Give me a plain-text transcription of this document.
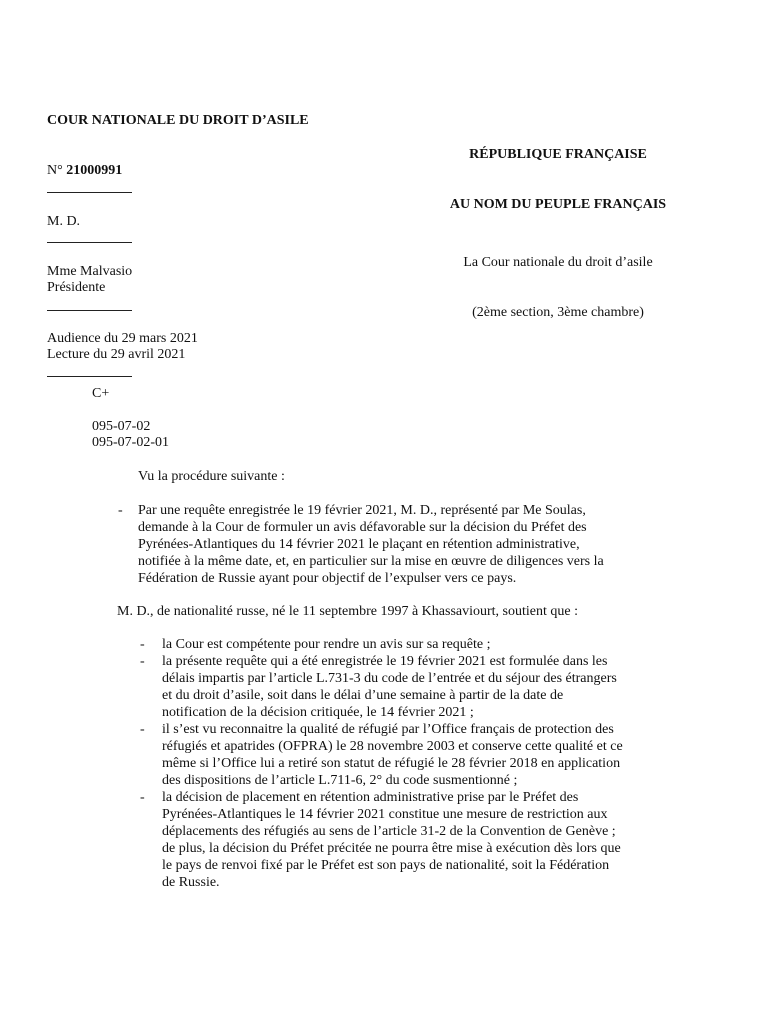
COUR NATIONALE DU DROIT D’ASILE
N° 21000991
M. D.
Mme Malvasio
Présidente
Audience du 29 mars 2021
Lecture du 29 avril 2021
C+
095-07-02
095-07-02-01
RÉPUBLIQUE FRANÇAISE
AU NOM DU PEUPLE FRANÇAIS
La Cour nationale du droit d’asile
(2ème section, 3ème chambre)
Vu la procédure suivante :
- Par une requête enregistrée le 19 février 2021, M. D., représenté par Me Soulas,
demande à la Cour de formuler un avis défavorable sur la décision du Préfet des
Pyrénées-Atlantiques du 14 février 2021 le plaçant en rétention administrative,
notifiée à la même date, et, en particulier sur la mise en œuvre de diligences vers la
Fédération de Russie ayant pour objectif de l’expulser vers ce pays.
M. D., de nationalité russe, né le 11 septembre 1997 à Khassaviourt, soutient que :
- la Cour est compétente pour rendre un avis sur sa requête ;
- la présente requête qui a été enregistrée le 19 février 2021 est formulée dans les
délais impartis par l’article L.731-3 du code de l’entrée et du séjour des étrangers
et du droit d’asile, soit dans le délai d’une semaine à partir de la date de
notification de la décision critiquée, le 14 février 2021 ;
- il s’est vu reconnaitre la qualité de réfugié par l’Office français de protection des
réfugiés et apatrides (OFPRA) le 28 novembre 2003 et conserve cette qualité et ce
même si l’Office lui a retiré son statut de réfugié le 28 février 2018 en application
des dispositions de l’article L.711-6, 2° du code susmentionné ;
- la décision de placement en rétention administrative prise par le Préfet des
Pyrénées-Atlantiques le 14 février 2021 constitue une mesure de restriction aux
déplacements des réfugiés au sens de l’article 31-2 de la Convention de Genève ;
de plus, la décision du Préfet précitée ne pourra être mise à exécution dès lors que
le pays de renvoi fixé par le Préfet est son pays de nationalité, soit la Fédération
de Russie.
